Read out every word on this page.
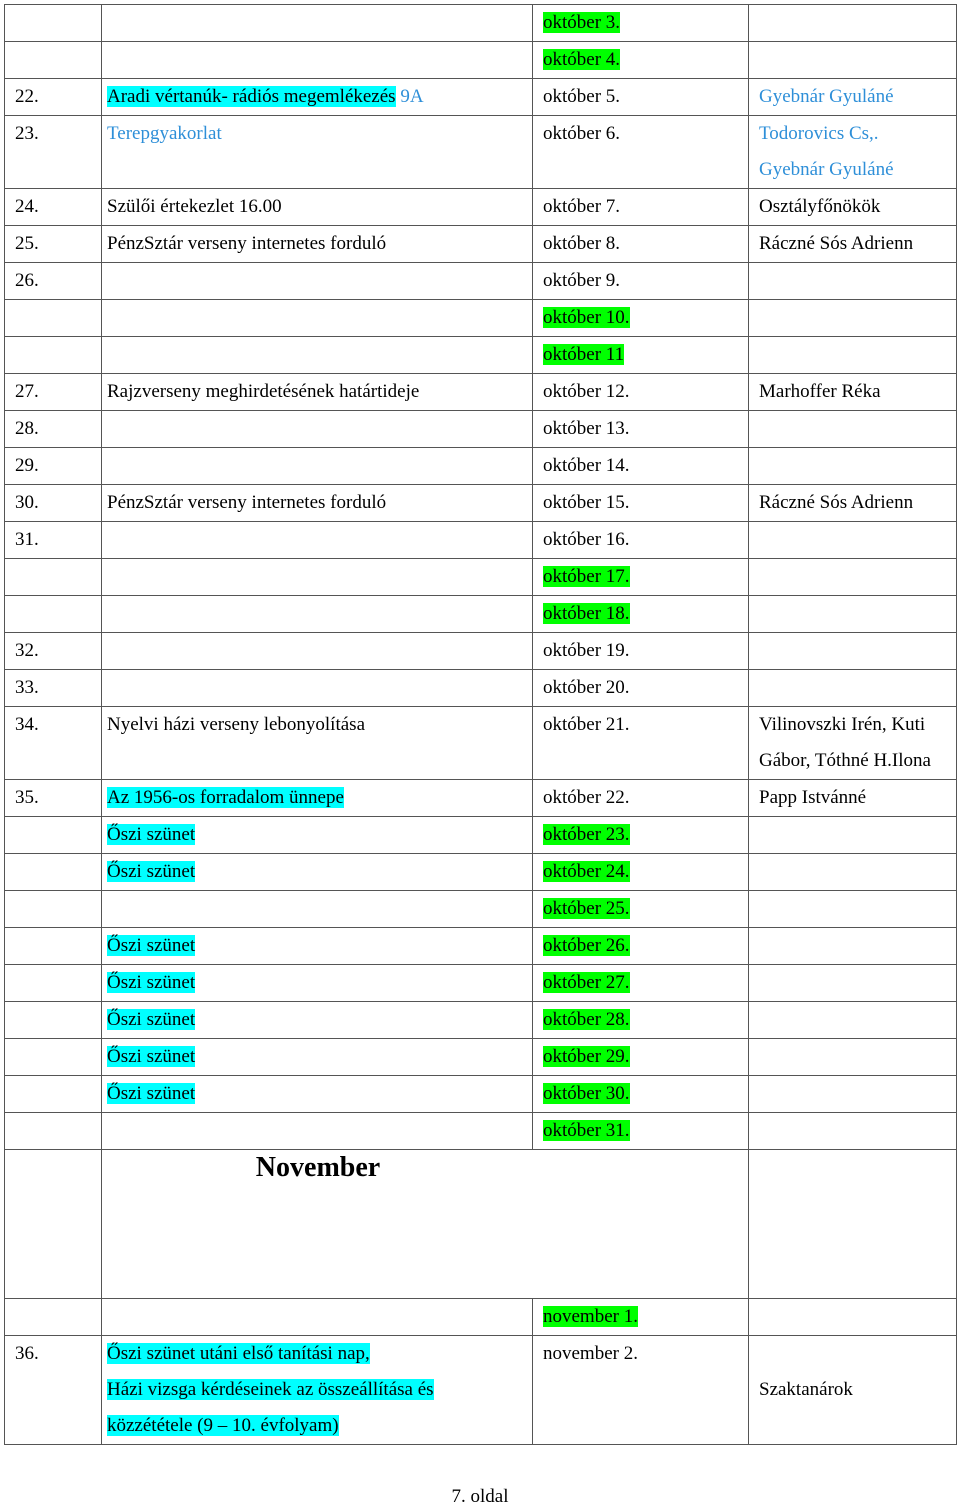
		október 3.	

		október 4.	

22.	Aradi vértanúk- rádiós megemlékezés 9A	október 5.	Gyebnár Gyuláné

23.	Terepgyakorlat	október 6.	Todorovics Cs,.
Gyebnár Gyuláné

24.	Szülői értekezlet 16.00	október 7.	Osztályfőnökök

25.	PénzSztár verseny internetes forduló	október 8.	Ráczné Sós Adrienn

26.		október 9.	

		október 10.	

		október 11	

27.	Rajzverseny meghirdetésének határtideje	október 12.	Marhoffer Réka

28.		október 13.	

29.		október 14.	

30.	PénzSztár verseny internetes forduló	október 15.	Ráczné Sós Adrienn

31.		október 16.	

		október 17.	

		október 18.	

32.		október 19.	

33.		október 20.	

34.	Nyelvi házi verseny lebonyolítása	október 21.	Vilinovszki Irén, Kuti
Gábor, Tóthné H.Ilona

35.	Az 1956-os forradalom ünnepe	október 22.	Papp Istvánné

	Őszi szünet	október 23.	

	Őszi szünet	október 24.	

		október 25.	

	Őszi szünet	október 26.	

	Őszi szünet	október 27.	

	Őszi szünet	október 28.	

	Őszi szünet	október 29.	

	Őszi szünet	október 30.	

		október 31.	

	November		

		november 1.	

36.	Őszi szünet utáni első tanítási nap,
Házi vizsga kérdéseinek az összeállítása és
közzététele (9 – 10. évfolyam)	november 2.	Szaktanárok
7. oldal
